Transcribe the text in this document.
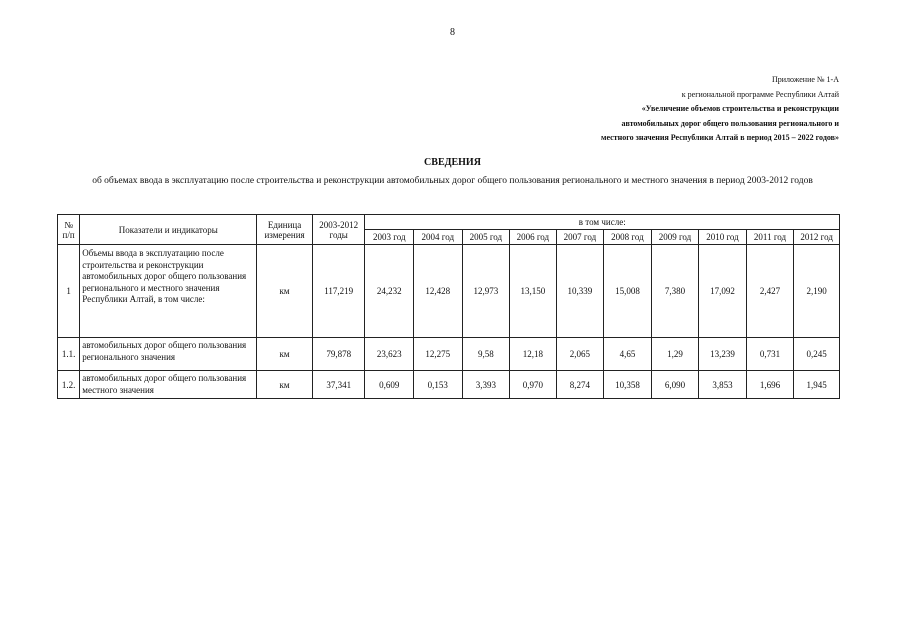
8
Приложение № 1-А
к региональной программе Республики Алтай
«Увеличение объемов строительства и реконструкции
автомобильных дорог общего пользования регионального и
местного значения Республики Алтай в период 2015 – 2022 годов»
СВЕДЕНИЯ
об объемах ввода в эксплуатацию после строительства и реконструкции автомобильных дорог общего пользования регионального и местного значения в период 2003-2012 годов
№ п/п	Показатели и индикаторы	Единица измерения	2003-2012 годы	в том числе:									
				2003 год	2004 год	2005 год	2006 год	2007 год	2008 год	2009 год	2010 год	2011 год	2012 год
1	Объемы ввода в эксплуатацию после строительства и реконструкции автомобильных дорог общего пользования регионального и местного значения Республики Алтай, в том числе:	км	117,219	24,232	12,428	12,973	13,150	10,339	15,008	7,380	17,092	2,427	2,190
1.1.	автомобильных дорог общего пользования регионального значения	км	79,878	23,623	12,275	9,58	12,18	2,065	4,65	1,29	13,239	0,731	0,245
1.2.	автомобильных дорог общего пользования местного значения	км	37,341	0,609	0,153	3,393	0,970	8,274	10,358	6,090	3,853	1,696	1,945
